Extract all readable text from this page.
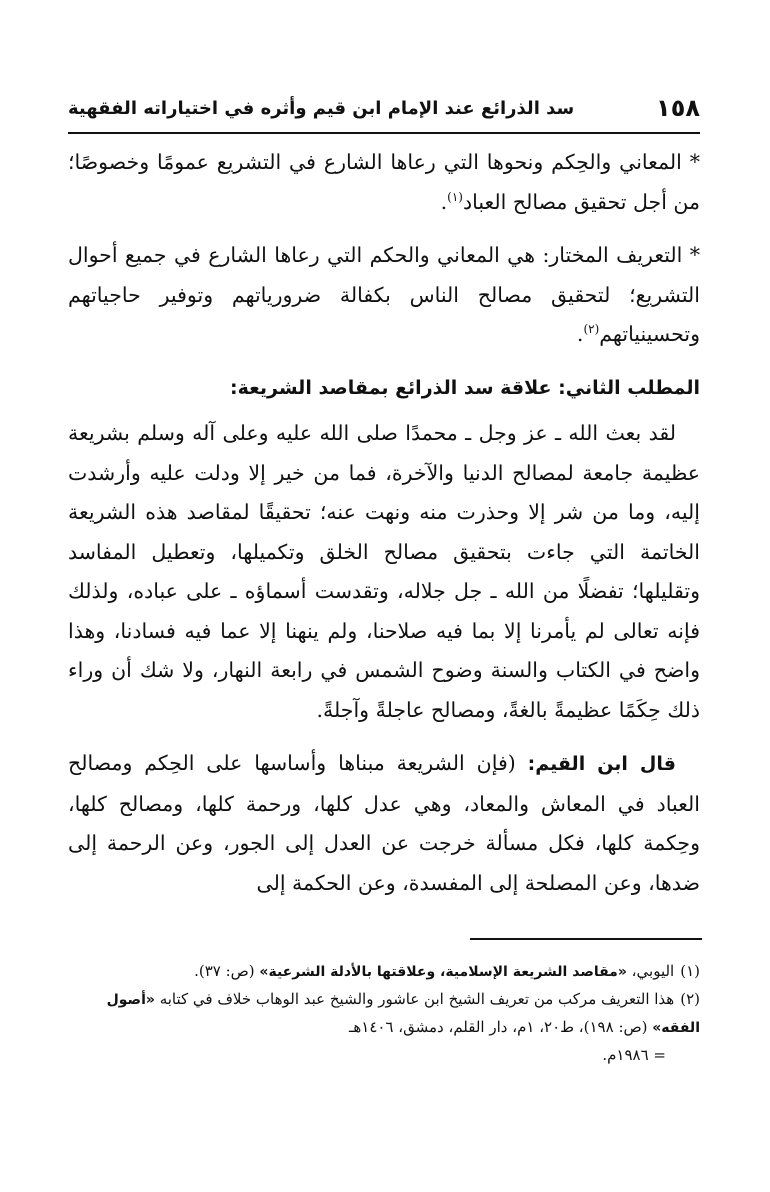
١٥٨
سد الذرائع عند الإمام ابن قيم وأثره في اختياراته الفقهية

* المعاني والحِكم ونحوها التي رعاها الشارع في التشريع عمومًا وخصوصًا؛ من أجل تحقيق مصالح العباد$^{(١)}$.

* التعريف المختار: هي المعاني والحكم التي رعاها الشارع في جميع أحوال التشريع؛ لتحقيق مصالح الناس بكفالة ضرورياتهم وتوفير حاجياتهم وتحسينياتهم$^{(٢)}$.

المطلب الثاني: علاقة سد الذرائع بمقاصد الشريعة:

لقد بعث الله ـ عز وجل ـ محمدًا صلى الله عليه وعلى آله وسلم بشريعة عظيمة جامعة لمصالح الدنيا والآخرة، فما من خير إلا ودلت عليه وأرشدت إليه، وما من شر إلا وحذرت منه ونهت عنه؛ تحقيقًا لمقاصد هذه الشريعة الخاتمة التي جاءت بتحقيق مصالح الخلق وتكميلها، وتعطيل المفاسد وتقليلها؛ تفضلًا من الله ـ جل جلاله، وتقدست أسماؤه ـ على عباده، ولذلك فإنه تعالى لم يأمرنا إلا بما فيه صلاحنا، ولم ينهنا إلا عما فيه فسادنا، وهذا واضح في الكتاب والسنة وضوح الشمس في رابعة النهار، ولا شك أن وراء ذلك حِكَمًا عظيمةً بالغةً، ومصالح عاجلةً وآجلةً.

قال ابن القيم: (فإن الشريعة مبناها وأساسها على الحِكم ومصالح العباد في المعاش والمعاد، وهي عدل كلها، ورحمة كلها، ومصالح كلها، وحِكمة كلها، فكل مسألة خرجت عن العدل إلى الجور، وعن الرحمة إلى ضدها، وعن المصلحة إلى المفسدة، وعن الحكمة إلى

(١)اليوبي، «مقاصد الشريعة الإسلامية، وعلاقتها بالأدلة الشرعية» (ص: ٣٧).

(٢)هذا التعريف مركب من تعريف الشيخ ابن عاشور والشيخ عبد الوهاب خلاف في كتابه «أصول الفقه» (ص: ١٩٨)، ط٢٠، ١م، دار القلم، دمشق، ١٤٠٦هـ

= ١٩٨٦م.
